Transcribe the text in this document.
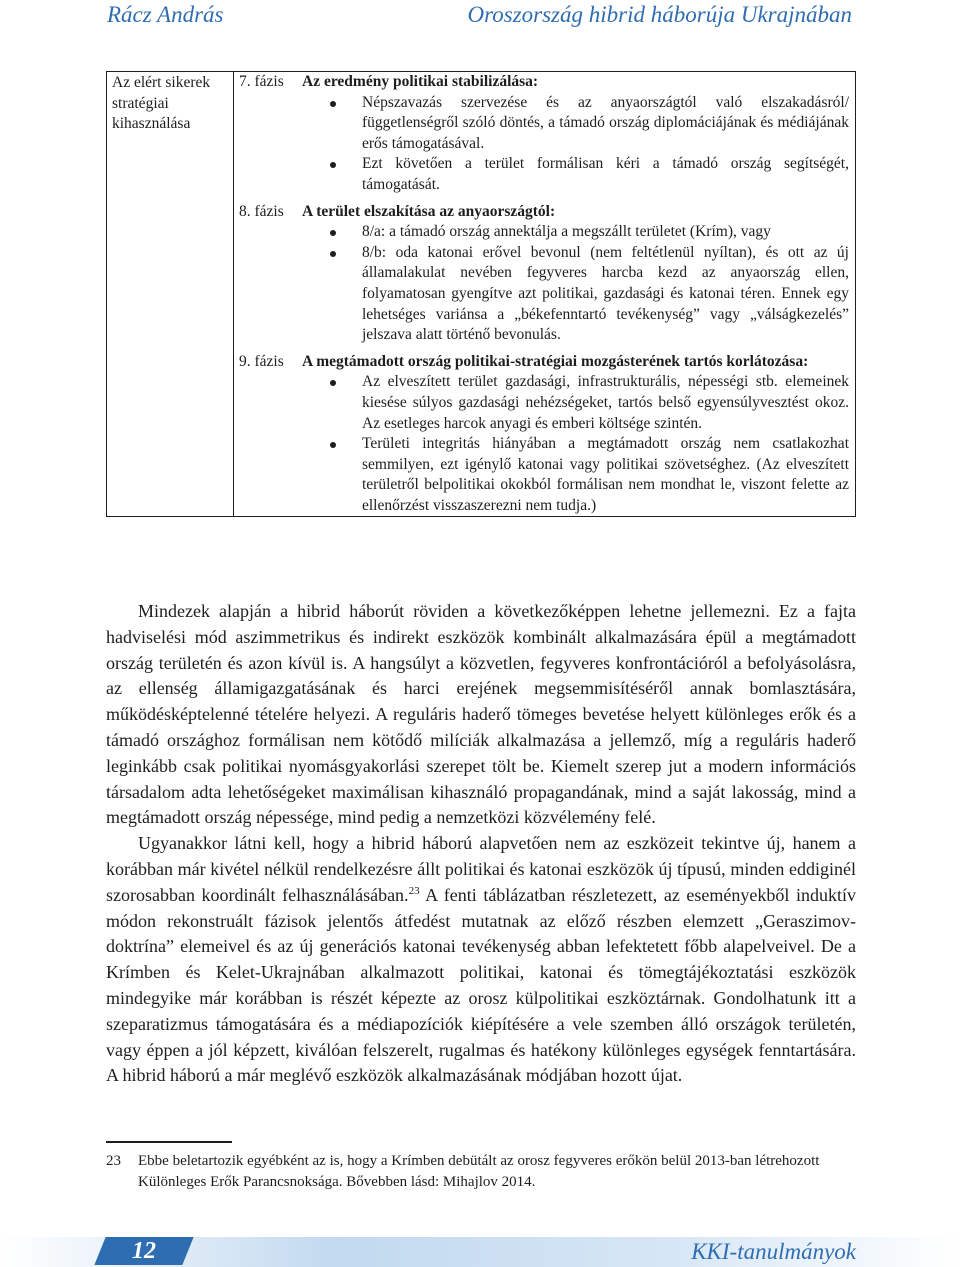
Rácz András	Oroszország hibrid háborúja Ukrajnában
Az elért sikerek stratégiai kihasználása	
7. fázis	Az eredmény politikai stabilizálása:
Népszavazás szervezése és az anyaországtól való elszakadásról/ függetlenségről szóló döntés, a támadó ország diplomáciájának és médiájának erős támogatásával.
Ezt követően a terület formálisan kéri a támadó ország segítségét, támogatását.
8. fázis	A terület elszakítása az anyaországtól:
8/a: a támadó ország annektálja a megszállt területet (Krím), vagy
8/b: oda katonai erővel bevonul (nem feltétlenül nyíltan), és ott az új államalakulat nevében fegyveres harcba kezd az anyaország ellen, folyamatosan gyengítve azt politikai, gazdasági és katonai téren. Ennek egy lehetséges variánsa a „békefenntartó tevékenység” vagy „válságkezelés” jelszava alatt történő bevonulás.
9. fázis	A megtámadott ország politikai-stratégiai mozgásterének tartós korlátozása:
Az elveszített terület gazdasági, infrastrukturális, népességi stb. elemeinek kiesése súlyos gazdasági nehézségeket, tartós belső egyensúlyvesztést okoz. Az esetleges harcok anyagi és emberi költsége szintén.
Területi integritás hiányában a megtámadott ország nem csatlakozhat semmilyen, ezt igénylő katonai vagy politikai szövetséghez. (Az elveszített területről belpolitikai okokból formálisan nem mondhat le, viszont felette az ellenőrzést visszaszerezni nem tudja.)

Mindezek alapján a hibrid háborút röviden a következőképpen lehetne jellemezni. Ez a fajta hadviselési mód aszimmetrikus és indirekt eszközök kombinált alkalmazására épül a megtámadott ország területén és azon kívül is. A hangsúlyt a közvetlen, fegyveres konfrontációról a befolyásolásra, az ellenség államigazgatásának és harci erejének megsemmisítéséről annak bomlasztására, működésképtelenné tételére helyezi. A reguláris haderő tömeges bevetése helyett különleges erők és a támadó országhoz formálisan nem kötődő milíciák alkalmazása a jellemző, míg a reguláris haderő leginkább csak politikai nyomásgyakorlási szerepet tölt be. Kiemelt szerep jut a modern információs társadalom adta lehetőségeket maximálisan kihasználó propagandának, mind a saját lakosság, mind a megtámadott ország népessége, mind pedig a nemzetközi közvélemény felé.

Ugyanakkor látni kell, hogy a hibrid háború alapvetően nem az eszközeit tekintve új, hanem a korábban már kivétel nélkül rendelkezésre állt politikai és katonai eszközök új típusú, minden eddiginél szorosabban koordinált felhasználásában.$^{23}$ A fenti táblázatban részletezett, az eseményekből induktív módon rekonstruált fázisok jelentős átfedést mutatnak az előző részben elemzett „Geraszimov-doktrína” elemeivel és az új generációs katonai tevékenység abban lefektetett főbb alapelveivel. De a Krímben és Kelet-Ukrajnában alkalmazott politikai, katonai és tömegtájékoztatási eszközök mindegyike már korábban is részét képezte az orosz külpolitikai eszköztárnak. Gondolhatunk itt a szeparatizmus támogatására és a médiapozíciók kiépítésére a vele szemben álló országok területén, vagy éppen a jól képzett, kiválóan felszerelt, rugalmas és hatékony különleges egységek fenntartására. A hibrid háború a már meglévő eszközök alkalmazásának módjában hozott újat.

23	Ebbe beletartozik egyébként az is, hogy a Krímben debütált az orosz fegyveres erőkön belül 2013-ban létrehozott Különleges Erők Parancsnoksága. Bővebben lásd: Mihajlov 2014.
12	KKI-tanulmányok
